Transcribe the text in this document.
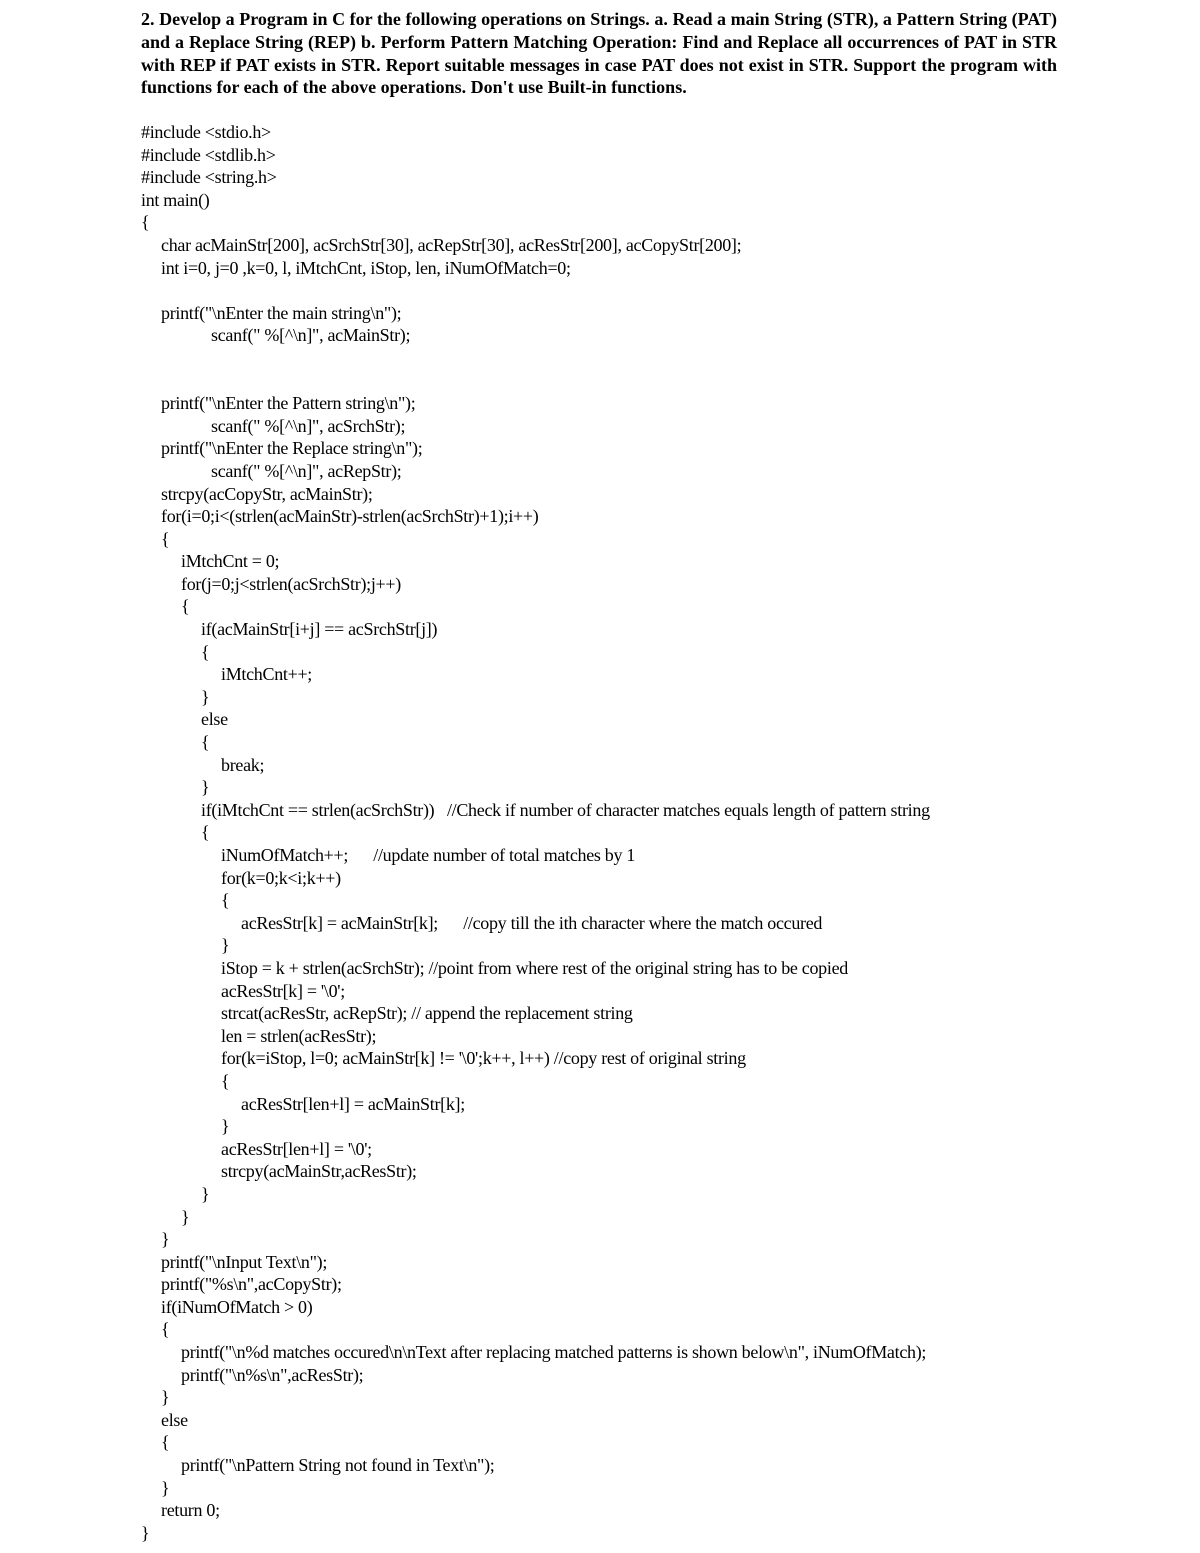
2. Develop a Program in C for the following operations on Strings. a. Read a main String (STR), a Pattern String (PAT) and a Replace String (REP) b. Perform Pattern Matching Operation: Find and Replace all occurrences of PAT in STR with REP if PAT exists in STR. Report suitable messages in case PAT does not exist in STR. Support the program with functions for each of the above operations. Don't use Built-in functions.

#include <stdio.h>
#include <stdlib.h>
#include <string.h>
int main()
{
char acMainStr[200], acSrchStr[30], acRepStr[30], acResStr[200], acCopyStr[200];
int i=0, j=0 ,k=0, l, iMtchCnt, iStop, len, iNumOfMatch=0;
printf("\nEnter the main string\n");
scanf(" %[^\n]", acMainStr);
printf("\nEnter the Pattern string\n");
scanf(" %[^\n]", acSrchStr);
printf("\nEnter the Replace string\n");
scanf(" %[^\n]", acRepStr);
strcpy(acCopyStr, acMainStr);
for(i=0;i<(strlen(acMainStr)-strlen(acSrchStr)+1);i++)
{
iMtchCnt = 0;
for(j=0;j<strlen(acSrchStr);j++)
{
if(acMainStr[i+j] == acSrchStr[j])
{
iMtchCnt++;
}
else
{
break;
}
if(iMtchCnt == strlen(acSrchStr))   //Check if number of character matches equals length of pattern string
{
iNumOfMatch++;      //update number of total matches by 1
for(k=0;k<i;k++)
{
acResStr[k] = acMainStr[k];      //copy till the ith character where the match occured
}
iStop = k + strlen(acSrchStr); //point from where rest of the original string has to be copied
acResStr[k] = '\0';
strcat(acResStr, acRepStr); // append the replacement string
len = strlen(acResStr);
for(k=iStop, l=0; acMainStr[k] != '\0';k++, l++) //copy rest of original string
{
acResStr[len+l] = acMainStr[k];
}
acResStr[len+l] = '\0';
strcpy(acMainStr,acResStr);
}
}
}
printf("\nInput Text\n");
printf("%s\n",acCopyStr);
if(iNumOfMatch > 0)
{
printf("\n%d matches occured\n\nText after replacing matched patterns is shown below\n", iNumOfMatch);
printf("\n%s\n",acResStr);
}
else
{
printf("\nPattern String not found in Text\n");
}
return 0;
}
